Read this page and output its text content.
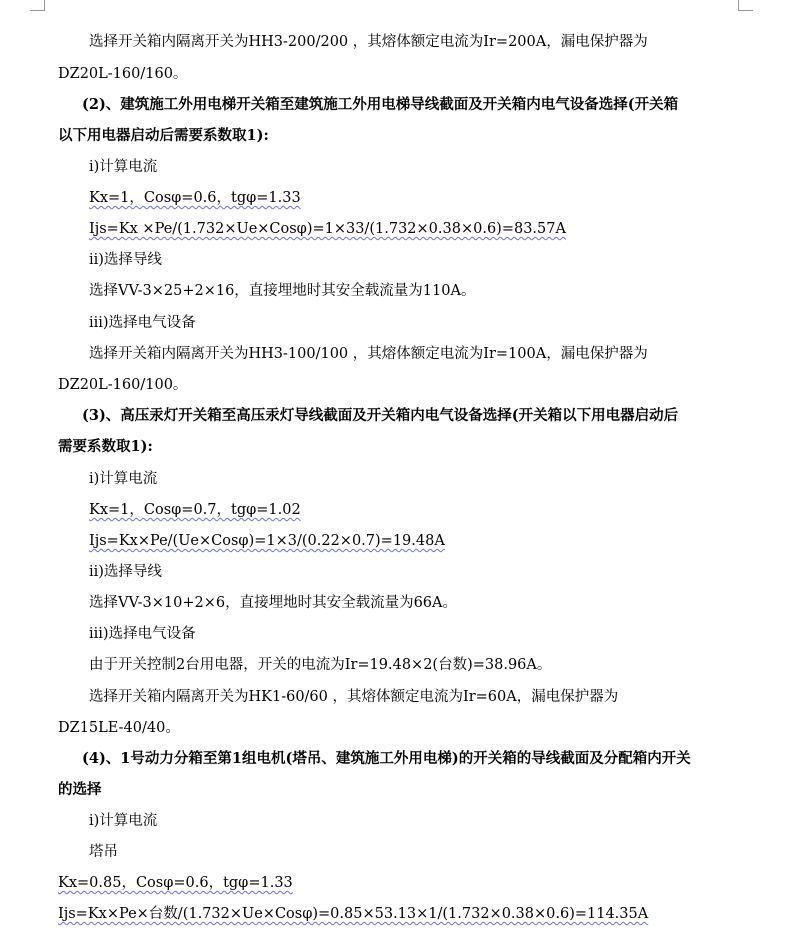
选择开关箱内隔离开关为HH3-200/200 ，其熔体额定电流为Ir=200A，漏电保护器为
DZ20L-160/160。
(2)、建筑施工外用电梯开关箱至建筑施工外用电梯导线截面及开关箱内电气设备选择(开关箱
以下用电器启动后需要系数取1):
i)计算电流
Kx=1，Cosφ=0.6，tgφ=1.33
Ijs=Kx ×Pe/(1.732×Ue×Cosφ)=1×33/(1.732×0.38×0.6)=83.57A
ii)选择导线
选择VV-3×25+2×16，直接埋地时其安全载流量为110A。
iii)选择电气设备
选择开关箱内隔离开关为HH3-100/100 ，其熔体额定电流为Ir=100A，漏电保护器为
DZ20L-160/100。
(3)、高压汞灯开关箱至高压汞灯导线截面及开关箱内电气设备选择(开关箱以下用电器启动后
需要系数取1):
i)计算电流
Kx=1，Cosφ=0.7，tgφ=1.02
Ijs=Kx×Pe/(Ue×Cosφ)=1×3/(0.22×0.7)=19.48A
ii)选择导线
选择VV-3×10+2×6，直接埋地时其安全载流量为66A。
iii)选择电气设备
由于开关控制2台用电器，开关的电流为Ir=19.48×2(台数)=38.96A。
选择开关箱内隔离开关为HK1-60/60 ，其熔体额定电流为Ir=60A，漏电保护器为
DZ15LE-40/40。
(4)、1号动力分箱至第1组电机(塔吊、建筑施工外用电梯)的开关箱的导线截面及分配箱内开关
的选择
i)计算电流
塔吊
Kx=0.85，Cosφ=0.6，tgφ=1.33
Ijs=Kx×Pe×台数/(1.732×Ue×Cosφ)=0.85×53.13×1/(1.732×0.38×0.6)=114.35A
